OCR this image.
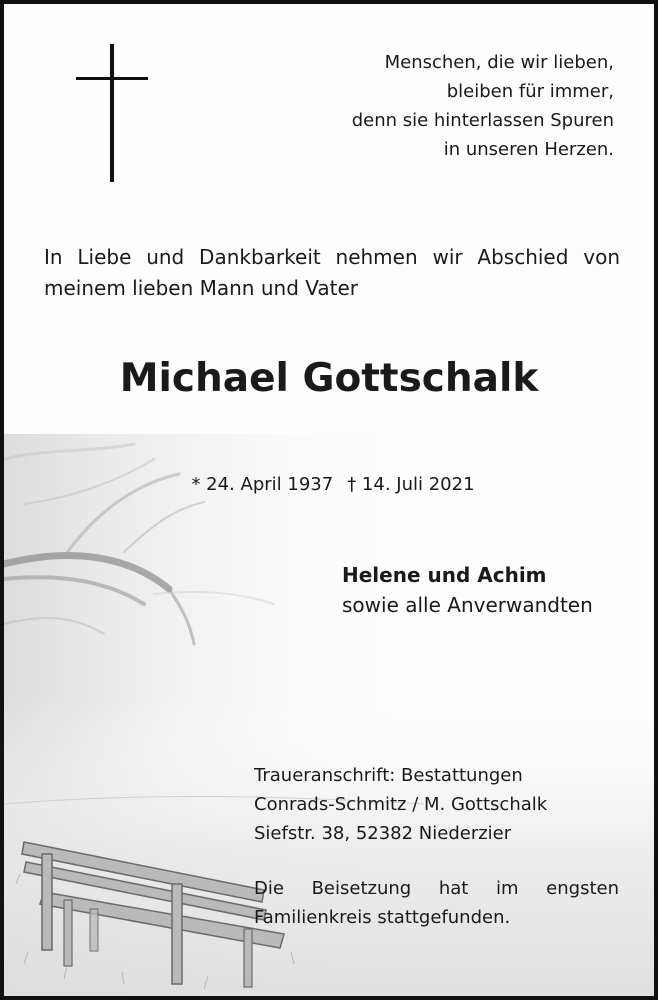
Menschen, die wir lieben,
bleiben für immer,
denn sie hinterlassen Spuren
in unseren Herzen.
In Liebe und Dankbarkeit nehmen wir Abschied von
meinem lieben Mann und Vater
Michael Gottschalk
* 24. April 1937 † 14. Juli 2021
Helene und Achim
sowie alle Anverwandten
Traueranschrift: Bestattungen
Conrads-Schmitz / M. Gottschalk
Siefstr. 38, 52382 Niederzier
Die Beisetzung hat im engsten
Familienkreis stattgefunden.
